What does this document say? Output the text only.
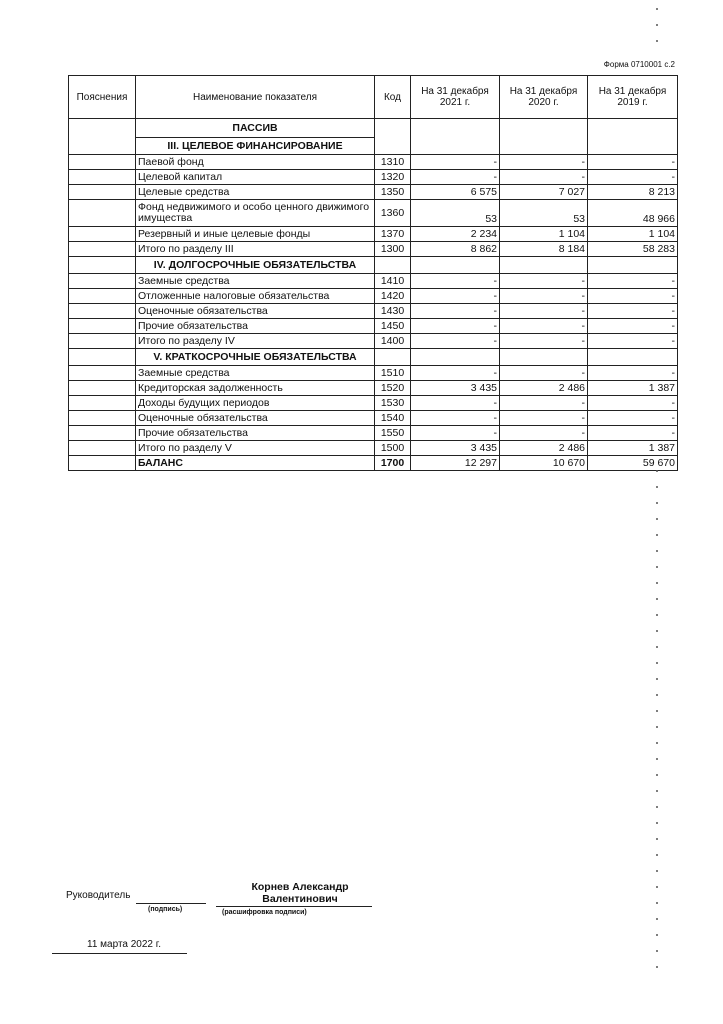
Форма 0710001 с.2
Пояснения	Наименование показателя	Код	На 31 декабря 2021 г.	На 31 декабря 2020 г.	На 31 декабря 2019 г.
	ПАССИВ				
	III. ЦЕЛЕВОЕ ФИНАНСИРОВАНИЕ				
	Паевой фонд	1310	-	-	-
	Целевой капитал	1320	-	-	-
	Целевые средства	1350	6 575	7 027	8 213
	Фонд недвижимого и особо ценного движимого имущества	1360	53	53	48 966
	Резервный и иные целевые фонды	1370	2 234	1 104	1 104
	Итого по разделу III	1300	8 862	8 184	58 283
	IV. ДОЛГОСРОЧНЫЕ ОБЯЗАТЕЛЬСТВА				
	Заемные средства	1410	-	-	-
	Отложенные налоговые обязательства	1420	-	-	-
	Оценочные обязательства	1430	-	-	-
	Прочие обязательства	1450	-	-	-
	Итого по разделу IV	1400	-	-	-
	V. КРАТКОСРОЧНЫЕ ОБЯЗАТЕЛЬСТВА				
	Заемные средства	1510	-	-	-
	Кредиторская задолженность	1520	3 435	2 486	1 387
	Доходы будущих периодов	1530	-	-	-
	Оценочные обязательства	1540	-	-	-
	Прочие обязательства	1550	-	-	-
	Итого по разделу V	1500	3 435	2 486	1 387
	БАЛАНС	1700	12 297	10 670	59 670
Руководитель
(подпись)
Корнев Александр Валентинович
(расшифровка подписи)
11 марта 2022 г.
